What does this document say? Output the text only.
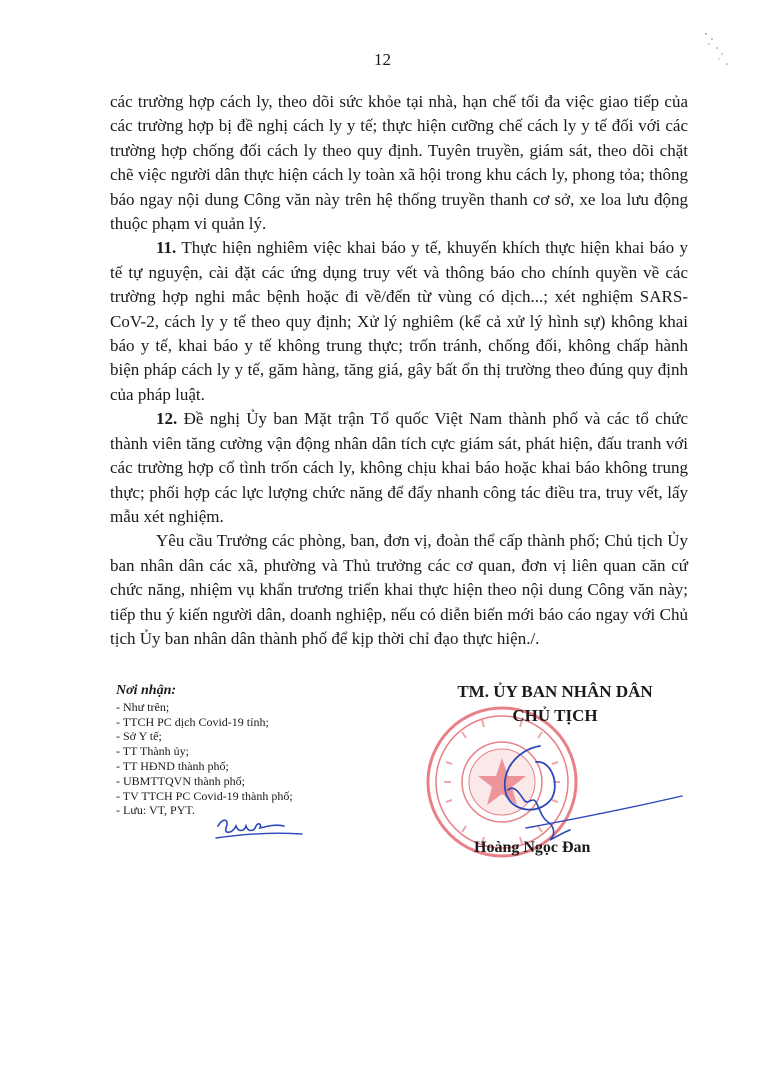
12

các trường hợp cách ly, theo dõi sức khỏe tại nhà, hạn chế tối đa việc giao tiếp của các trường hợp bị đề nghị cách ly y tế; thực hiện cưỡng chế cách ly y tế đối với các trường hợp chống đối cách ly theo quy định. Tuyên truyền, giám sát, theo dõi chặt chẽ việc người dân thực hiện cách ly toàn xã hội trong khu cách ly, phong tỏa; thông báo ngay nội dung Công văn này trên hệ thống truyền thanh cơ sở, xe loa lưu động thuộc phạm vi quản lý.

11. Thực hiện nghiêm việc khai báo y tế, khuyến khích thực hiện khai báo y tế tự nguyện, cài đặt các ứng dụng truy vết và thông báo cho chính quyền về các trường hợp nghi mắc bệnh hoặc đi về/đến từ vùng có dịch...; xét nghiệm SARS-CoV-2, cách ly y tế theo quy định; Xử lý nghiêm (kể cả xử lý hình sự) không khai báo y tế, khai báo y tế không trung thực; trốn tránh, chống đối, không chấp hành biện pháp cách ly y tế, găm hàng, tăng giá, gây bất ổn thị trường theo đúng quy định của pháp luật.

12. Đề nghị Ủy ban Mặt trận Tổ quốc Việt Nam thành phố và các tổ chức thành viên tăng cường vận động nhân dân tích cực giám sát, phát hiện, đấu tranh với các trường hợp cố tình trốn cách ly, không chịu khai báo hoặc khai báo không trung thực; phối hợp các lực lượng chức năng để đẩy nhanh công tác điều tra, truy vết, lấy mẫu xét nghiệm.

Yêu cầu Trưởng các phòng, ban, đơn vị, đoàn thể cấp thành phố; Chủ tịch Ủy ban nhân dân các xã, phường và Thủ trưởng các cơ quan, đơn vị liên quan căn cứ chức năng, nhiệm vụ khẩn trương triển khai thực hiện theo nội dung Công văn này; tiếp thu ý kiến người dân, doanh nghiệp, nếu có diễn biến mới báo cáo ngay với Chủ tịch Ủy ban nhân dân thành phố để kịp thời chỉ đạo thực hiện./.

Nơi nhận:
- Như trên;
- TTCH PC dịch Covid-19 tỉnh;
- Sở Y tế;
- TT Thành ủy;
- TT HĐND thành phố;
- UBMTTQVN thành phố;
- TV TTCH PC Covid-19 thành phố;
- Lưu: VT, PYT.
TM. ỦY BAN NHÂN DÂN
CHỦ TỊCH
Hoàng Ngọc Đan
